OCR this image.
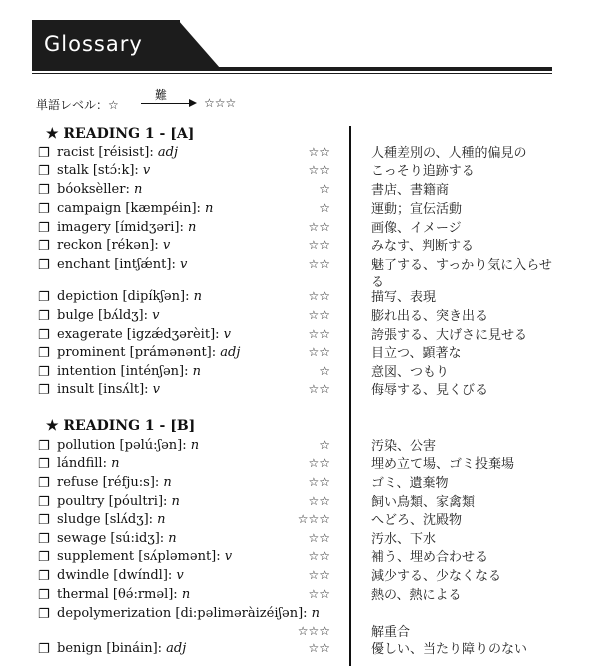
Glossary
単語レベル：☆
難
☆☆☆
★ READING 1 - [A]
❐ racist [réisist]: adj	☆☆	人種差別の、人種的偏見の
❐ stalk [stɔ́:k]: v	☆☆	こっそり追跡する
❐ bóoksèller: n	☆	書店、書籍商
❐ campaign [kæmpéin]: n	☆	運動；宣伝活動
❐ imagery [ímidʒəri]: n	☆☆	画像、イメージ
❐ reckon [rékən]: v	☆☆	みなす、判断する
❐ enchant [intʃǽnt]: v	☆☆	魅了する、すっかり気に入らせる
❐ depiction [dipíkʃən]: n	☆☆	描写、表現
❐ bulge [bʌ́ldʒ]: v	☆☆	膨れ出る、突き出る
❐ exagerate [igzǽdʒərèit]: v	☆☆	誇張する、大げさに見せる
❐ prominent [prámənənt]: adj	☆☆	目立つ、顕著な
❐ intention [inténʃən]: n	☆	意図、つもり
❐ insult [insʌ́lt]: v	☆☆	侮辱する、見くびる
★ READING 1 - [B]
❐ pollution [pəlú:ʃən]: n	☆	汚染、公害
❐ lándfill: n	☆☆	埋め立て場、ゴミ投棄場
❐ refuse [réfju:s]: n	☆☆	ゴミ、遺棄物
❐ poultry [póultri]: n	☆☆	飼い鳥類、家禽類
❐ sludge [slʌ́dʒ]: n	☆☆☆	へどろ、沈殿物
❐ sewage [sú:idʒ]: n	☆☆	汚水、下水
❐ supplement [sʌ́pləmənt]: v	☆☆	補う、埋め合わせる
❐ dwindle [dwíndl]: v	☆☆	減少する、少なくなる
❐ thermal [θə́:rməl]: n	☆☆	熱の、熱による
❐ depolymerization [di:pəliməràizéiʃən]: n
☆☆☆	解重合
❐ benign [bináin]: adj	☆☆	優しい、当たり障りのない
